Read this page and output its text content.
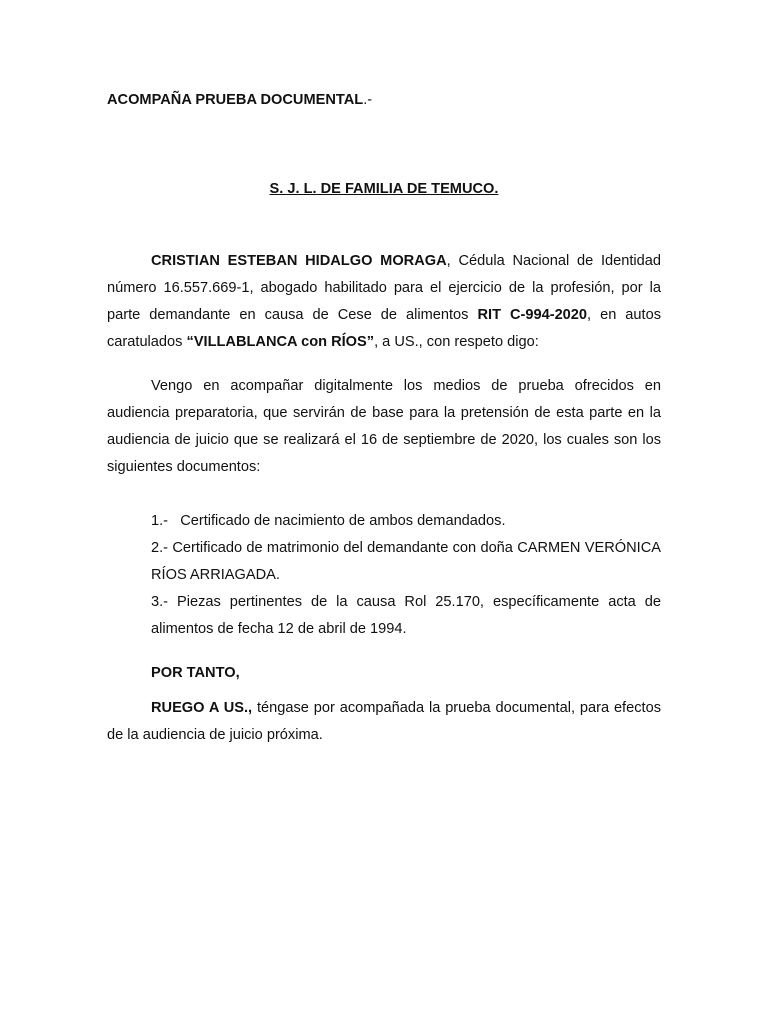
ACOMPAÑA PRUEBA DOCUMENTAL.-
S. J. L. DE FAMILIA DE TEMUCO.
CRISTIAN ESTEBAN HIDALGO MORAGA, Cédula Nacional de Identidad número 16.557.669-1, abogado habilitado para el ejercicio de la profesión, por la parte demandante en causa de Cese de alimentos RIT C-994-2020, en autos caratulados “VILLABLANCA con RÍOS”, a US., con respeto digo:
Vengo en acompañar digitalmente los medios de prueba ofrecidos en audiencia preparatoria, que servirán de base para la pretensión de esta parte en la audiencia de juicio que se realizará el 16 de septiembre de 2020, los cuales son los siguientes documentos:
1.-   Certificado de nacimiento de ambos demandados.
2.- Certificado de matrimonio del demandante con doña CARMEN VERÓNICA RÍOS ARRIAGADA.
3.- Piezas pertinentes de la causa Rol 25.170, específicamente acta de alimentos de fecha 12 de abril de 1994.
POR TANTO,
RUEGO A US., téngase por acompañada la prueba documental, para efectos de la audiencia de juicio próxima.
